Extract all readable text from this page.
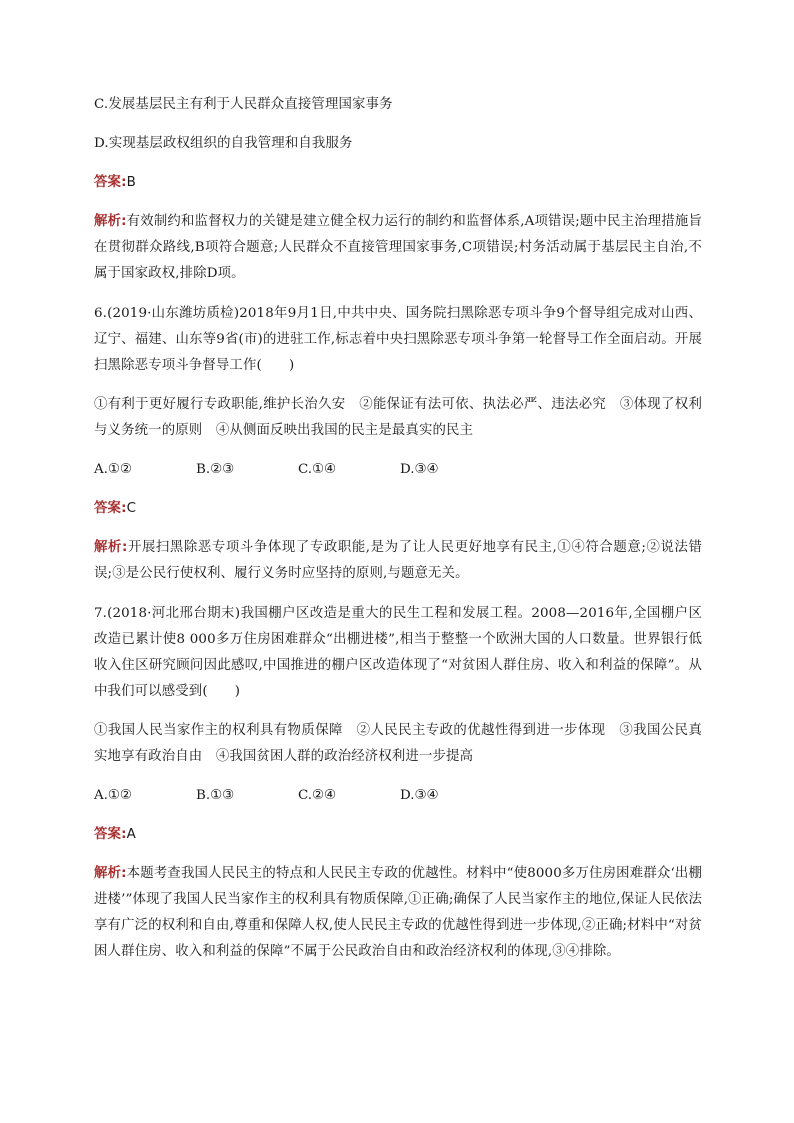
C.发展基层民主有利于人民群众直接管理国家事务

D.实现基层政权组织的自我管理和自我服务

答案:B

解析:有效制约和监督权力的关键是建立健全权力运行的制约和监督体系,A项错误;题中民主治理措施旨在贯彻群众路线,B项符合题意;人民群众不直接管理国家事务,C项错误;村务活动属于基层民主自治,不属于国家政权,排除D项。

6.(2019·山东潍坊质检)2018年9月1日,中共中央、国务院扫黑除恶专项斗争9个督导组完成对山西、辽宁、福建、山东等9省(市)的进驻工作,标志着中央扫黑除恶专项斗争第一轮督导工作全面启动。开展扫黑除恶专项斗争督导工作(　　)

①有利于更好履行专政职能,维护长治久安　②能保证有法可依、执法必严、违法必究　③体现了权利与义务统一的原则　④从侧面反映出我国的民主是最真实的民主

A.①②	B.②③	C.①④	D.③④

答案:C

解析:开展扫黑除恶专项斗争体现了专政职能,是为了让人民更好地享有民主,①④符合题意;②说法错误;③是公民行使权利、履行义务时应坚持的原则,与题意无关。

7.(2018·河北邢台期末)我国棚户区改造是重大的民生工程和发展工程。2008—2016年,全国棚户区改造已累计使8 000多万住房困难群众“出棚进楼”,相当于整整一个欧洲大国的人口数量。世界银行低收入住区研究顾问因此感叹,中国推进的棚户区改造体现了“对贫困人群住房、收入和利益的保障”。从中我们可以感受到(　　)

①我国人民当家作主的权利具有物质保障　②人民民主专政的优越性得到进一步体现　③我国公民真实地享有政治自由　④我国贫困人群的政治经济权利进一步提高

A.①②	B.①③	C.②④	D.③④

答案:A

解析:本题考查我国人民民主的特点和人民民主专政的优越性。材料中“使8000多万住房困难群众‘出棚进楼’”体现了我国人民当家作主的权利具有物质保障,①正确;确保了人民当家作主的地位,保证人民依法享有广泛的权利和自由,尊重和保障人权,使人民民主专政的优越性得到进一步体现,②正确;材料中“对贫困人群住房、收入和利益的保障”不属于公民政治自由和政治经济权利的体现,③④排除。
